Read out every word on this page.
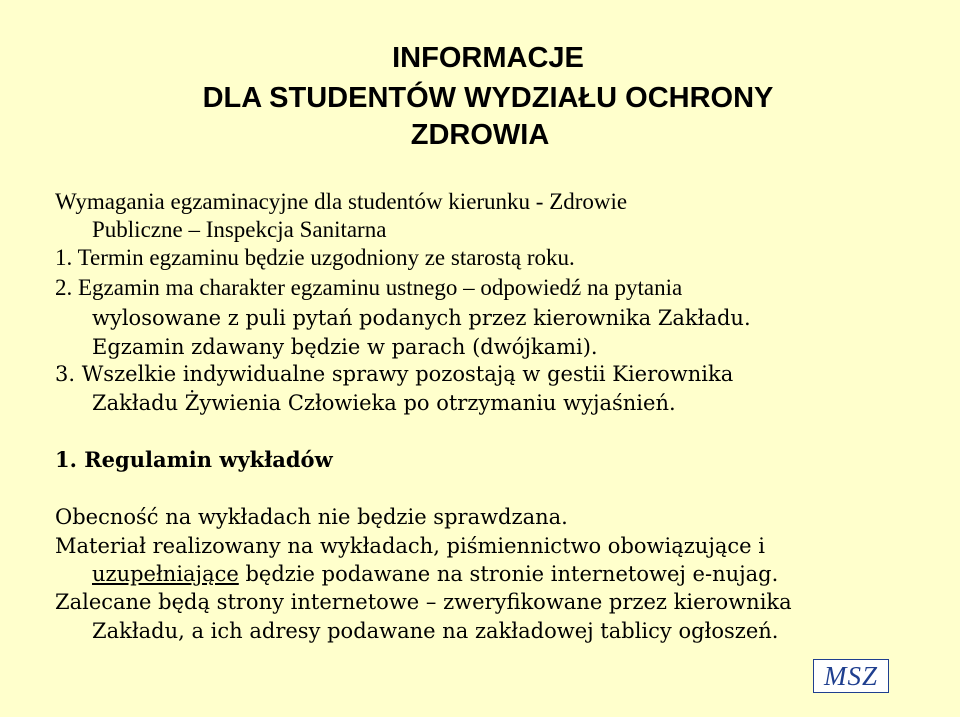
INFORMACJE
DLA STUDENTÓW WYDZIAŁU OCHRONY
ZDROWIA

Wymagania egzaminacyjne dla studentów kierunku - Zdrowie

Publiczne – Inspekcja Sanitarna

1. Termin egzaminu będzie uzgodniony ze starostą roku.

2. Egzamin ma charakter egzaminu ustnego – odpowiedź na pytania

wylosowane z puli pytań podanych przez kierownika Zakładu.

Egzamin zdawany będzie w parach (dwójkami).

3. Wszelkie indywidualne sprawy pozostają w gestii Kierownika

Zakładu Żywienia Człowieka po otrzymaniu wyjaśnień.

1. Regulamin wykładów

Obecność na wykładach nie będzie sprawdzana.

Materiał realizowany na wykładach, piśmiennictwo obowiązujące i

uzupełniające będzie podawane na stronie internetowej e-nujag.

Zalecane będą strony internetowe – zweryfikowane przez kierownika

Zakładu, a ich adresy podawane na zakładowej tablicy ogłoszeń.

MSZ
